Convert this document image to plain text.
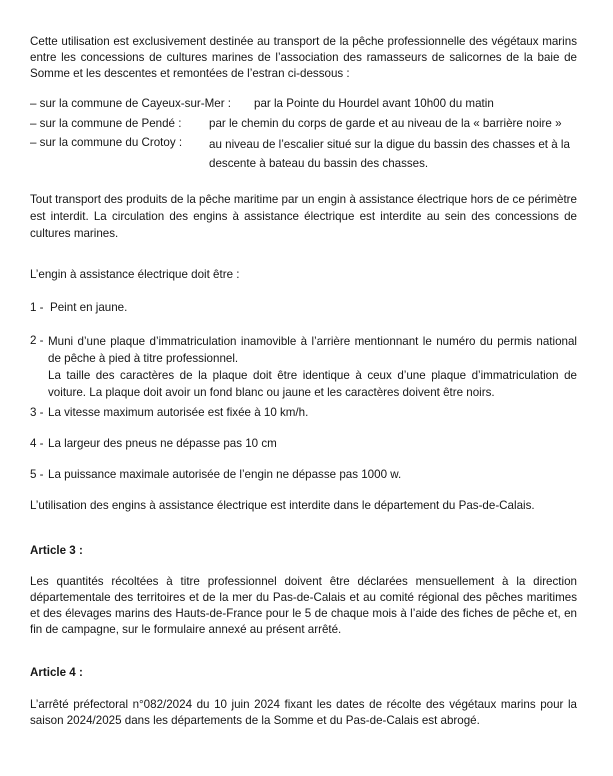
Cette utilisation est exclusivement destinée au transport de la pêche professionnelle des végétaux marins entre les concessions de cultures marines de l’association des ramasseurs de salicornes de la baie de Somme et les descentes et remontées de l’estran ci-dessous :

– sur la commune de Cayeux-sur-Mer : par la Pointe du Hourdel avant 10h00 du matin
– sur la commune de Pendé : par le chemin du corps de garde et au niveau de la « barrière noire »
– sur la commune du Crotoy : au niveau de l’escalier situé sur la digue du bassin des chasses et à la descente à bateau du bassin des chasses.

Tout transport des produits de la pêche maritime par un engin à assistance électrique hors de ce périmètre est interdit. La circulation des engins à assistance électrique est interdite au sein des concessions de cultures marines.

L’engin à assistance électrique doit être :

1 - Peint en jaune.
2 - Muni d’une plaque d’immatriculation inamovible à l’arrière mentionnant le numéro du permis national de pêche à pied à titre professionnel.
La taille des caractères de la plaque doit être identique à ceux d’une plaque d’immatriculation de voiture. La plaque doit avoir un fond blanc ou jaune et les caractères doivent être noirs.
3 - La vitesse maximum autorisée est fixée à 10 km/h.
4 - La largeur des pneus ne dépasse pas 10 cm
5 - La puissance maximale autorisée de l’engin ne dépasse pas 1000 w.

L’utilisation des engins à assistance électrique est interdite dans le département du Pas-de-Calais.

Article 3 :

Les quantités récoltées à titre professionnel doivent être déclarées mensuellement à la direction départementale des territoires et de la mer du Pas-de-Calais et au comité régional des pêches maritimes et des élevages marins des Hauts-de-France pour le 5 de chaque mois à l’aide des fiches de pêche et, en fin de campagne, sur le formulaire annexé au présent arrêté.

Article 4 :

L’arrêté préfectoral n°082/2024 du 10 juin 2024 fixant les dates de récolte des végétaux marins pour la saison 2024/2025 dans les départements de la Somme et du Pas-de-Calais est abrogé.
